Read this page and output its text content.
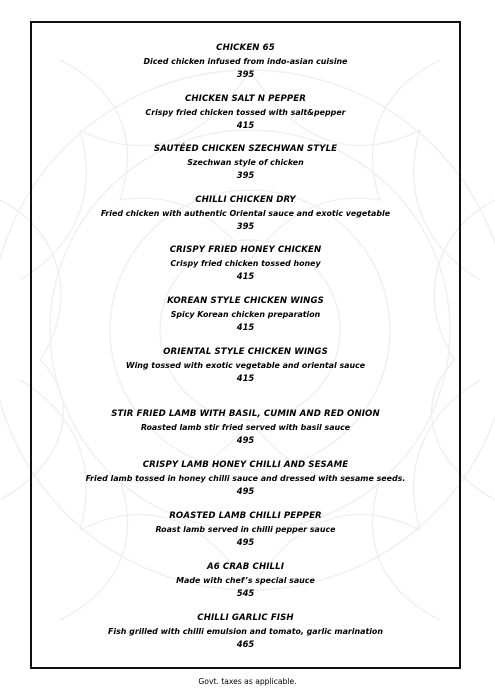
CHICKEN 65
Diced chicken infused from indo-asian cuisine
395
CHICKEN SALT N PEPPER
Crispy fried chicken tossed with salt&pepper
415
SAUTÉED CHICKEN SZECHWAN STYLE
Szechwan style of chicken
395
CHILLI CHICKEN DRY
Fried chicken with authentic Oriental sauce and exotic vegetable
395
CRISPY FRIED HONEY CHICKEN
Crispy fried chicken tossed honey
415
KOREAN STYLE CHICKEN WINGS
Spicy Korean chicken preparation
415
ORIENTAL STYLE CHICKEN WINGS
Wing tossed with exotic vegetable and oriental sauce
415
STIR FRIED LAMB WITH BASIL, CUMIN AND RED ONION
Roasted lamb stir fried served with basil sauce
495
CRISPY LAMB HONEY CHILLI AND SESAME
Fried lamb tossed in honey chilli sauce and dressed with sesame seeds.
495
ROASTED LAMB CHILLI PEPPER
Roast lamb served in chilli pepper sauce
495
A6 CRAB CHILLI
Made with chef’s special sauce
545
CHILLI GARLIC FISH
Fish grilled with chilli emulsion and tomato, garlic marination
465
Govt. taxes as applicable.
